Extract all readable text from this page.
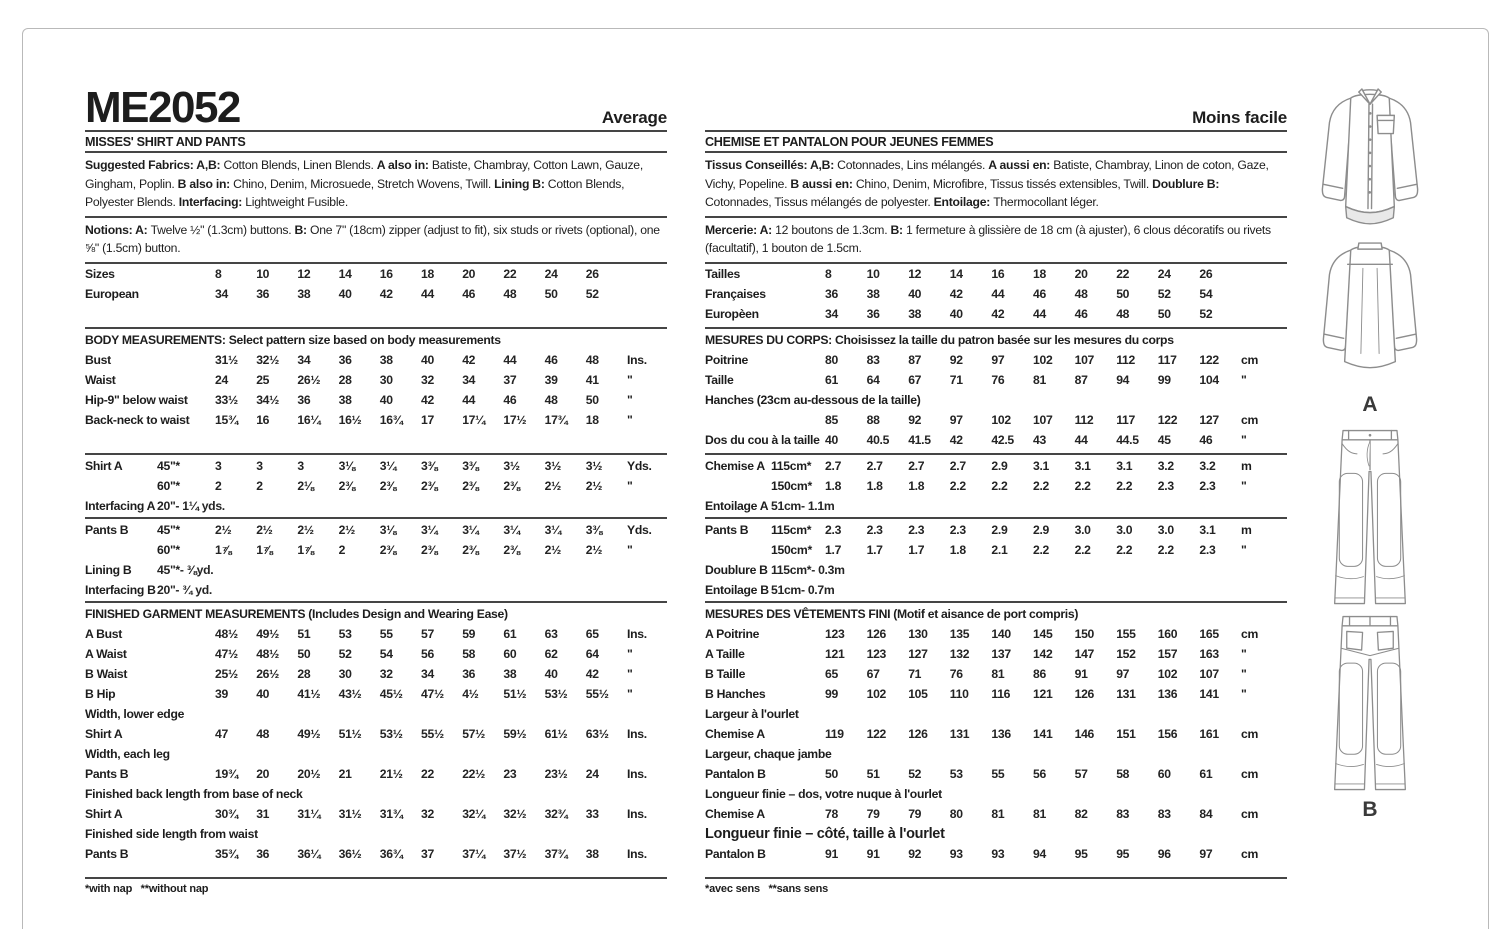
ME2052	Average
MISSES' SHIRT AND PANTS
Suggested Fabrics: A,B: Cotton Blends, Linen Blends. A also in: Batiste, Chambray, Cotton Lawn, Gauze, Gingham, Poplin. B also in: Chino, Denim, Microsuede, Stretch Wovens, Twill. Lining B: Cotton Blends, Polyester Blends. Interfacing: Lightweight Fusible.
Notions: A: Twelve ½" (1.3cm) buttons. B: One 7" (18cm) zipper (adjust to fit), six studs or rivets (optional), one ⅝" (1.5cm) button.
Sizes	8	10	12	14	16	18	20	22	24	26
European	34	36	38	40	42	44	46	48	50	52
BODY MEASUREMENTS: Select pattern size based on body measurements
Bust	31½	32½	34	36	38	40	42	44	46	48	Ins.
Waist	24	25	26½	28	30	32	34	37	39	41	"
Hip-9" below waist	33½	34½	36	38	40	42	44	46	48	50	"
Back-neck to waist	15¾	16	16¼	16½	16¾	17	17¼	17½	17¾	18	"
Shirt A	45"*	3	3	3	3⅛	3¼	3⅜	3⅜	3½	3½	3½	Yds.
60"*	2	2	2⅛	2⅜	2⅜	2⅜	2⅜	2⅜	2½	2½	"
Interfacing A 20"- 1¼ yds.
Pants B	45"*	2½	2½	2½	2½	3⅛	3¼	3¼	3¼	3¼	3⅜	Yds.
60"*	1⅞	1⅞	1⅞	2	2⅜	2⅜	2⅜	2⅜	2½	2½	"
Lining B	45"*- ⅜yd.
Interfacing B 20"- ¾ yd.
FINISHED GARMENT MEASUREMENTS (Includes Design and Wearing Ease)
A Bust	48½	49½	51	53	55	57	59	61	63	65	Ins.
A Waist	47½	48½	50	52	54	56	58	60	62	64	"
B Waist	25½	26½	28	30	32	34	36	38	40	42	"
B Hip	39	40	41½	43½	45½	47½	4½	51½	53½	55½	"
Width, lower edge
Shirt A	47	48	49½	51½	53½	55½	57½	59½	61½	63½	Ins.
Width, each leg
Pants B	19¾	20	20½	21	21½	22	22½	23	23½	24	Ins.
Finished back length from base of neck
Shirt A	30¾	31	31¼	31½	31¾	32	32¼	32½	32¾	33	Ins.
Finished side length from waist
Pants B	35¾	36	36¼	36½	36¾	37	37¼	37½	37¾	38	Ins.
*with nap   **without nap
Moins facile
CHEMISE ET PANTALON POUR JEUNES FEMMES
Tissus Conseillés: A,B: Cotonnades, Lins mélangés. A aussi en: Batiste, Chambray, Linon de coton, Gaze, Vichy, Popeline. B aussi en: Chino, Denim, Microfibre, Tissus tissés extensibles, Twill. Doublure B: Cotonnades, Tissus mélangés de polyester. Entoilage: Thermocollant léger.
Mercerie: A: 12 boutons de 1.3cm. B: 1 fermeture à glissière de 18 cm (à ajuster), 6 clous décoratifs ou rivets (facultatif), 1 bouton de 1.5cm.
Tailles	8	10	12	14	16	18	20	22	24	26
Françaises	36	38	40	42	44	46	48	50	52	54
Europèen	34	36	38	40	42	44	46	48	50	52
MESURES DU CORPS: Choisissez la taille du patron basée sur les mesures du corps
Poitrine	80	83	87	92	97	102	107	112	117	122	cm
Taille	61	64	67	71	76	81	87	94	99	104	"
Hanches (23cm au-dessous de la taille)
85	88	92	97	102	107	112	117	122	127	cm
Dos du cou à la taille 40	40.5	41.5	42	42.5	43	44	44.5	45	46	"
Chemise A 115cm*	2.7	2.7	2.7	2.7	2.9	3.1	3.1	3.1	3.2	3.2	m
150cm*	1.8	1.8	1.8	2.2	2.2	2.2	2.2	2.2	2.3	2.3	"
Entoilage A 51cm- 1.1m
Pants B	115cm*	2.3	2.3	2.3	2.3	2.9	2.9	3.0	3.0	3.0	3.1	m
150cm*	1.7	1.7	1.7	1.8	2.1	2.2	2.2	2.2	2.2	2.3	"
Doublure B 115cm*- 0.3m
Entoilage B 51cm- 0.7m
MESURES DES VÊTEMENTS FINI (Motif et aisance de port compris)
A Poitrine	123	126	130	135	140	145	150	155	160	165	cm
A Taille	121	123	127	132	137	142	147	152	157	163	"
B Taille	65	67	71	76	81	86	91	97	102	107	"
B Hanches	99	102	105	110	116	121	126	131	136	141	"
Largeur à l'ourlet
Chemise A	119	122	126	131	136	141	146	151	156	161	cm
Largeur, chaque jambe
Pantalon B	50	51	52	53	55	56	57	58	60	61	cm
Longueur finie – dos, votre nuque à l'ourlet
Chemise A	78	79	79	80	81	81	82	83	83	84	cm
Longueur finie – côté, taille à l'ourlet
Pantalon B	91	91	92	93	93	94	95	95	96	97	cm
*avec sens   **sans sens
A
B
